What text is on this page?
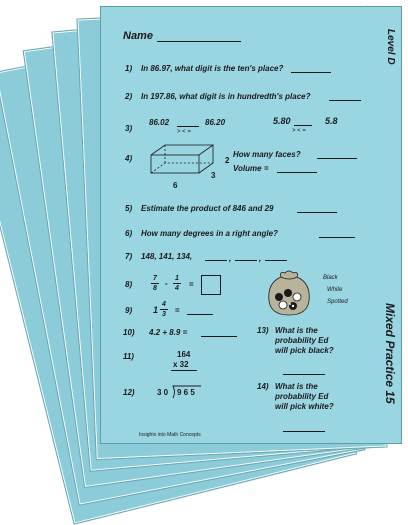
Name	Level D
Mixed Practice 15
1) In 86.97, what digit is the ten's place?
2) In 197.86, what digit is in hundredth's place?
3)
86.02	86.20
> < =
5.80	5.8
> < =
4)	2
3
6
How many faces?
Volume =
5) Estimate the product of 846 and 29
6) How many degrees in a right angle?
7) 148, 141, 134,	,	,
8)
7
8
-
1
4 =
9) 1
4
3 =
Black
White
Spotted
10) 4.2 + 8.9 =
11)	164
x 32
12)	3 0 9 6 5
13) What is the
probability Ed
will pick black?
14) What is the
probability Ed
will pick white?
Insights into Math Concepts
